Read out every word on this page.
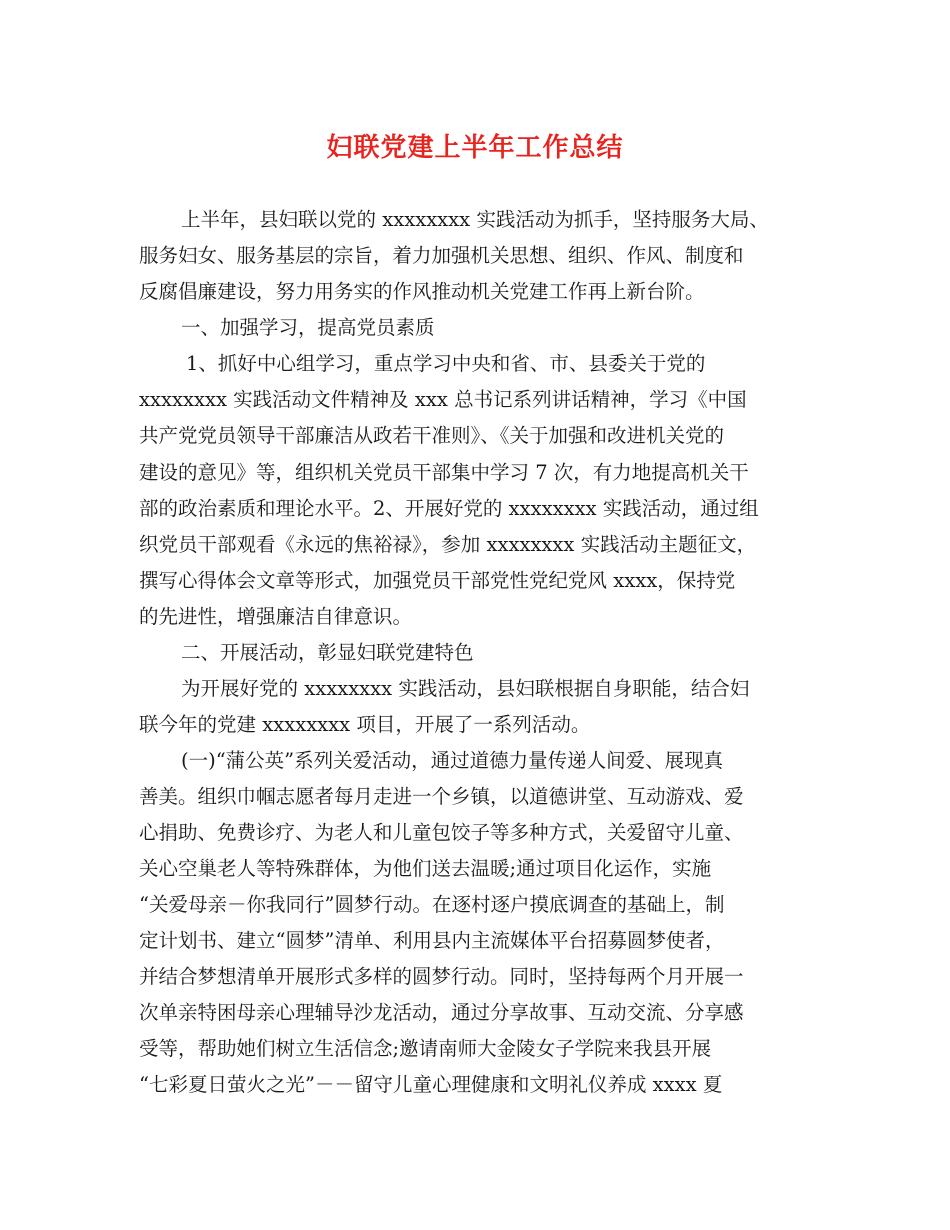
妇联党建上半年工作总结

上半年，县妇联以党的 xxxxxxxx 实践活动为抓手，坚持服务大局、

服务妇女、服务基层的宗旨，着力加强机关思想、组织、作风、制度和

反腐倡廉建设，努力用务实的作风推动机关党建工作再上新台阶。

一、加强学习，提高党员素质

1、抓好中心组学习，重点学习中央和省、市、县委关于党的

xxxxxxxx 实践活动文件精神及 xxx 总书记系列讲话精神，学习《中国

共产党党员领导干部廉洁从政若干准则》、《关于加强和改进机关党的

建设的意见》等，组织机关党员干部集中学习 7 次，有力地提高机关干

部的政治素质和理论水平。2、开展好党的 xxxxxxxx 实践活动，通过组

织党员干部观看《永远的焦裕禄》，参加 xxxxxxxx 实践活动主题征文，

撰写心得体会文章等形式，加强党员干部党性党纪党风 xxxx，保持党

的先进性，增强廉洁自律意识。

二、开展活动，彰显妇联党建特色

为开展好党的 xxxxxxxx 实践活动，县妇联根据自身职能，结合妇

联今年的党建 xxxxxxxx 项目，开展了一系列活动。

(一)“蒲公英”系列关爱活动，通过道德力量传递人间爱、展现真

善美。组织巾帼志愿者每月走进一个乡镇，以道德讲堂、互动游戏、爱

心捐助、免费诊疗、为老人和儿童包饺子等多种方式，关爱留守儿童、

关心空巢老人等特殊群体，为他们送去温暖;通过项目化运作，实施

“关爱母亲－你我同行”圆梦行动。在逐村逐户摸底调查的基础上，制

定计划书、建立“圆梦”清单、利用县内主流媒体平台招募圆梦使者，

并结合梦想清单开展形式多样的圆梦行动。同时，坚持每两个月开展一

次单亲特困母亲心理辅导沙龙活动，通过分享故事、互动交流、分享感

受等，帮助她们树立生活信念;邀请南师大金陵女子学院来我县开展

“七彩夏日萤火之光”－－留守儿童心理健康和文明礼仪养成 xxxx 夏
